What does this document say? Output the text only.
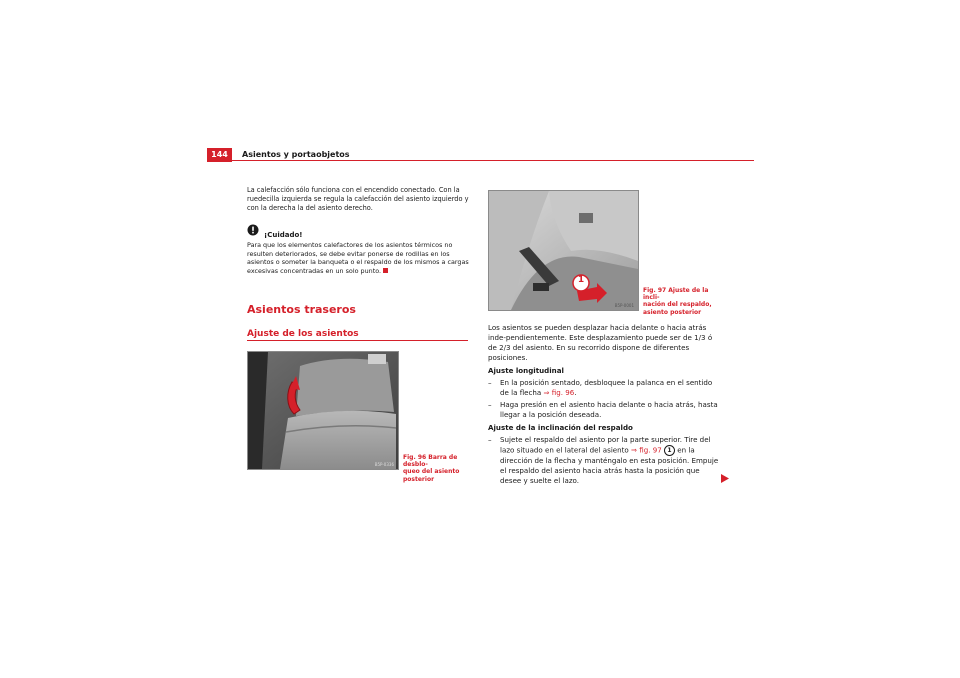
144	Asientos y portaobjetos
La calefacción sólo funciona con el encendido conectado. Con la ruedecilla izquierda se regula la calefacción del asiento izquierdo y con la derecha la del asiento derecho.
¡Cuidado!
Para que los elementos calefactores de los asientos térmicos no resulten deteriorados, se debe evitar ponerse de rodillas en los asientos o someter la banqueta o el respaldo de los mismos a cargas excesivas concentradas en un solo punto.
Asientos traseros
Ajuste de los asientos
B5P-0336
Fig. 96 Barra de desblo-
queo del asiento posterior
1
B5P-0001
Fig. 97 Ajuste de la incli-
nación del respaldo,
asiento posterior
Los asientos se pueden desplazar hacia delante o hacia atrás inde-pendientemente. Este desplazamiento puede ser de 1/3 ó de 2/3 del asiento. En su recorrido dispone de diferentes posiciones.
Ajuste longitudinal
– En la posición sentado, desbloquee la palanca en el sentido de la flecha ⇒ fig. 96.
– Haga presión en el asiento hacia delante o hacia atrás, hasta llegar a la posición deseada.
Ajuste de la inclinación del respaldo
– Sujete el respaldo del asiento por la parte superior. Tire del lazo situado en el lateral del asiento ⇒ fig. 97 1 en la dirección de la flecha y manténgalo en esta posición. Empuje el respaldo del asiento hacia atrás hasta la posición que desee y suelte el lazo.
